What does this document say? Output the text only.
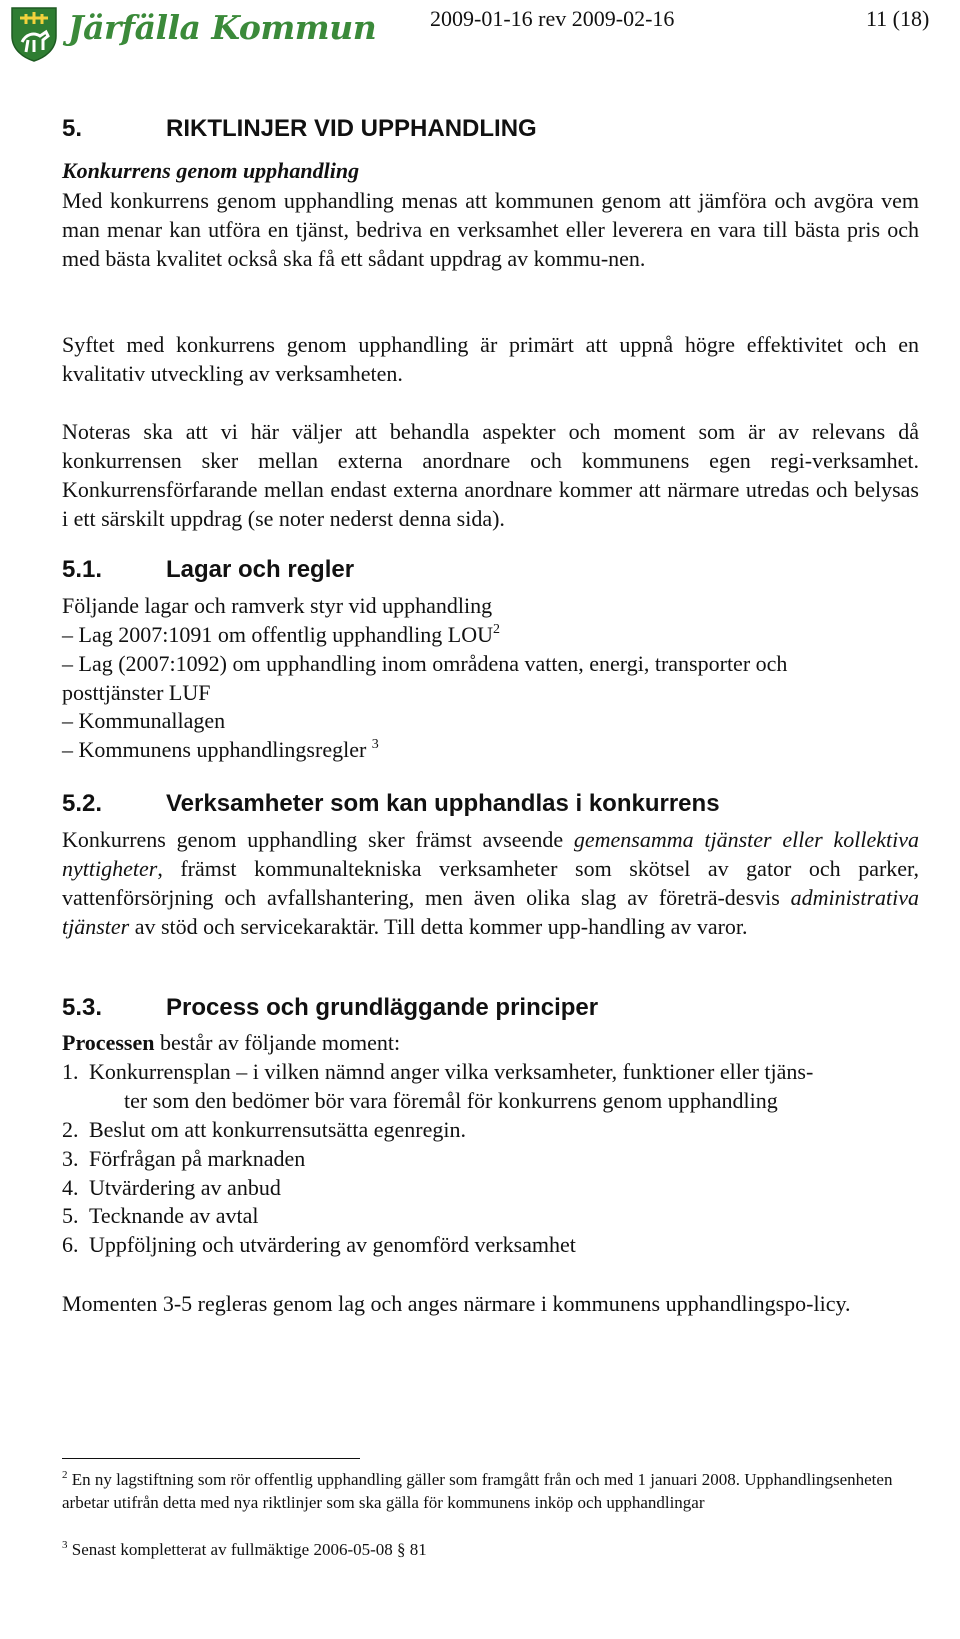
Järfälla Kommun 2009-01-16 rev 2009-02-16	11 (18)
5.	RIKTLINJER VID UPPHANDLING
Konkurrens genom upphandling
Med konkurrens genom upphandling menas att kommunen genom att jämföra och avgöra vem man menar kan utföra en tjänst, bedriva en verksamhet eller leverera en vara till bästa pris och med bästa kvalitet också ska få ett sådant uppdrag av kommu-nen.
Syftet med konkurrens genom upphandling är primärt att uppnå högre effektivitet och en kvalitativ utveckling av verksamheten.
Noteras ska att vi här väljer att behandla aspekter och moment som är av relevans då konkurrensen sker mellan externa anordnare och kommunens egen regi-verksamhet. Konkurrensförfarande mellan endast externa anordnare kommer att närmare utredas och belysas i ett särskilt uppdrag (se noter nederst denna sida).
5.1.	Lagar och regler
Följande lagar och ramverk styr vid upphandling
– Lag 2007:1091 om offentlig upphandling LOU$^2$
– Lag (2007:1092) om upphandling inom områdena vatten, energi, transporter och
posttjänster LUF
– Kommunallagen
– Kommunens upphandlingsregler $^3$
5.2.	Verksamheter som kan upphandlas i konkurrens
Konkurrens genom upphandling sker främst avseende gemensamma tjänster eller kollektiva nyttigheter, främst kommunaltekniska verksamheter som skötsel av gator och parker, vattenförsörjning och avfallshantering, men även olika slag av företrä-desvis administrativa tjänster av stöd och servicekaraktär. Till detta kommer upp-handling av varor.
5.3.	Process och grundläggande principer
Processen består av följande moment:
1. Konkurrensplan – i vilken nämnd anger vilka verksamheter, funktioner eller tjäns-
ter som den bedömer bör vara föremål för konkurrens genom upphandling
2. Beslut om att konkurrensutsätta egenregin.
3. Förfrågan på marknaden
4. Utvärdering av anbud
5. Tecknande av avtal
6. Uppföljning och utvärdering av genomförd verksamhet
Momenten 3-5 regleras genom lag och anges närmare i kommunens upphandlingspo-licy.
$^2$ En ny lagstiftning som rör offentlig upphandling gäller som framgått från och med 1 januari 2008. Upphandlingsenheten arbetar utifrån detta med nya riktlinjer som ska gälla för kommunens inköp och upphandlingar
$^3$ Senast kompletterat av fullmäktige 2006-05-08 § 81
